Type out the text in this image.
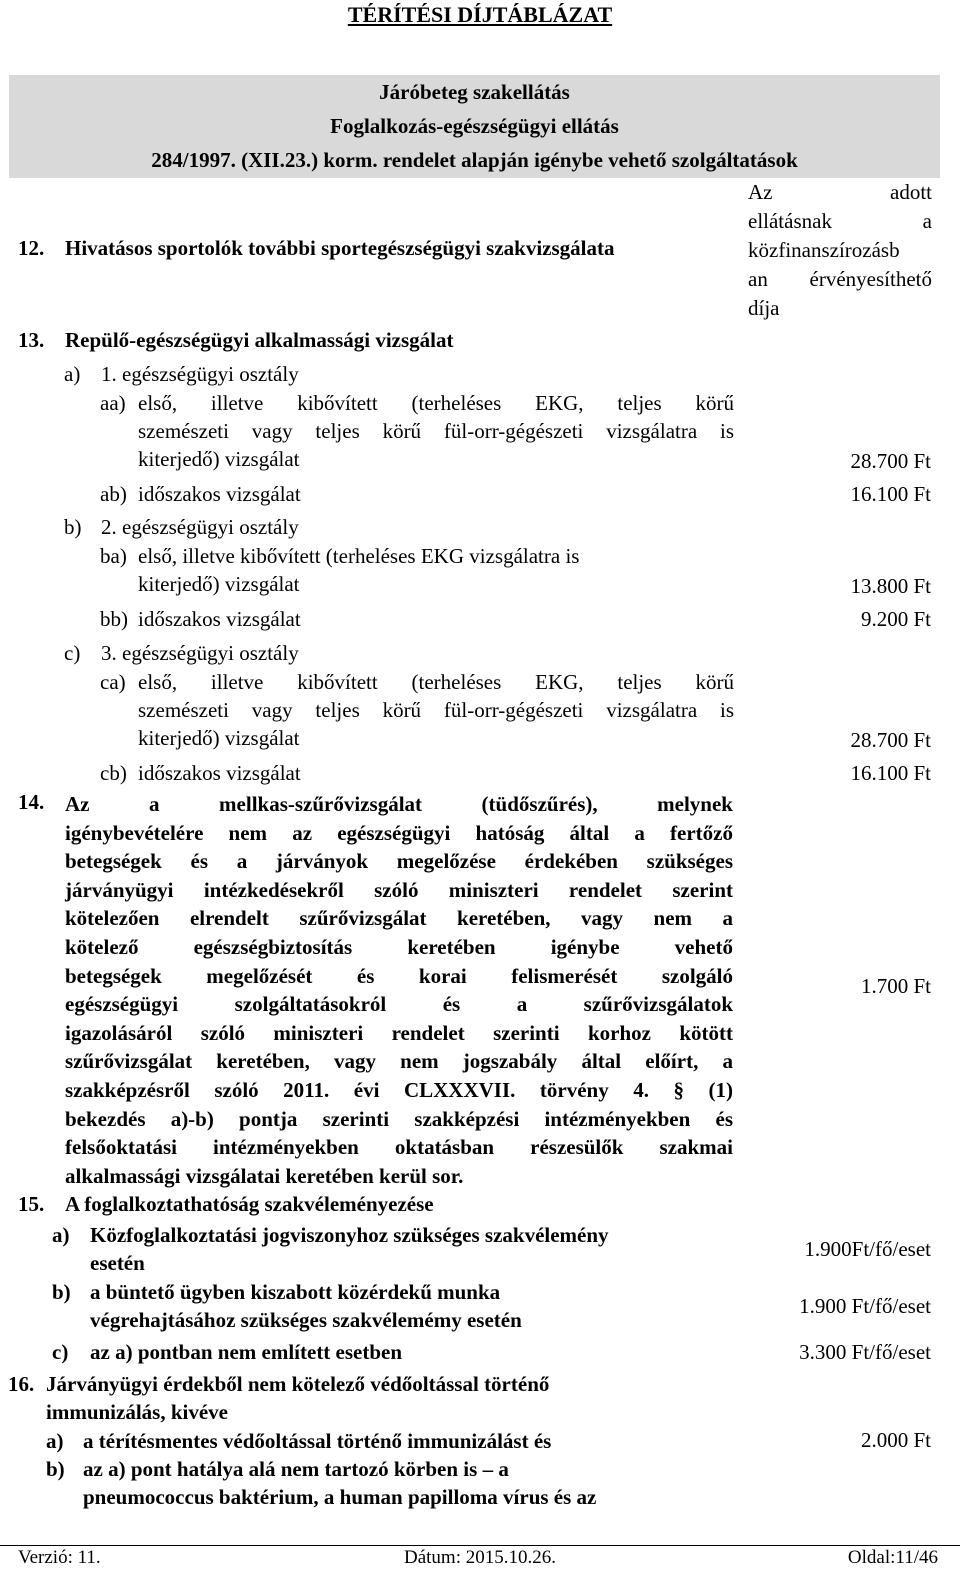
TÉRÍTÉSI DÍJTÁBLÁZAT
Járóbeteg szakellátás
Foglalkozás-egészségügyi ellátás
284/1997. (XII.23.) korm. rendelet alapján igénybe vehető szolgáltatások
Az	adott
ellátásnak	a
közfinanszírozásb
an érvényesíthető
díja
12. Hivatásos sportolók további sportegészségügyi szakvizsgálata
13. Repülő-egészségügyi alkalmassági vizsgálat
a) 1. egészségügyi osztály
aa) első, illetve kibővített (terheléses EKG, teljes körű
szemészeti vagy teljes körű fül-orr-gégészeti vizsgálatra is
kiterjedő) vizsgálat	28.700 Ft
ab) időszakos vizsgálat	16.100 Ft
b) 2. egészségügyi osztály
ba) első, illetve kibővített (terheléses EKG vizsgálatra is
kiterjedő) vizsgálat	13.800 Ft
bb) időszakos vizsgálat	9.200 Ft
c) 3. egészségügyi osztály
ca) első, illetve kibővített (terheléses EKG, teljes körű
szemészeti vagy teljes körű fül-orr-gégészeti vizsgálatra is
kiterjedő) vizsgálat	28.700 Ft
cb) időszakos vizsgálat	16.100 Ft
14. Az a mellkas-szűrővizsgálat (tüdőszűrés), melynek
igénybevételére nem az egészségügyi hatóság által a fertőző
betegségek és a járványok megelőzése érdekében szükséges
járványügyi intézkedésekről szóló miniszteri rendelet szerint
kötelezően elrendelt szűrővizsgálat keretében, vagy nem a
kötelező egészségbiztosítás keretében igénybe vehető
betegségek megelőzését és korai felismerését szolgáló
egészségügyi szolgáltatásokról és a szűrővizsgálatok
igazolásáról szóló miniszteri rendelet szerinti korhoz kötött
szűrővizsgálat keretében, vagy nem jogszabály által előírt, a
szakképzésről szóló 2011. évi CLXXXVII. törvény 4. § (1)
bekezdés a)-b) pontja szerinti szakképzési intézményekben és
felsőoktatási intézményekben oktatásban részesülők szakmai
alkalmassági vizsgálatai keretében kerül sor.
1.700 Ft
15. A foglalkoztathatóság szakvéleményezése
a) Közfoglalkoztatási jogviszonyhoz szükséges szakvélemény
esetén
1.900Ft/fő/eset
b) a büntető ügyben kiszabott közérdekű munka
végrehajtásához szükséges szakvélemémy esetén
1.900 Ft/fő/eset
c) az a) pontban nem említett esetben	3.300 Ft/fő/eset
16. Járványügyi érdekből nem kötelező védőoltással történő
immunizálás, kivéve
a) a térítésmentes védőoltással történő immunizálást és	2.000 Ft
b) az a) pont hatálya alá nem tartozó körben is – a
pneumococcus baktérium, a human papilloma vírus és az
Verzió: 11.	Dátum: 2015.10.26.	Oldal:11/46
